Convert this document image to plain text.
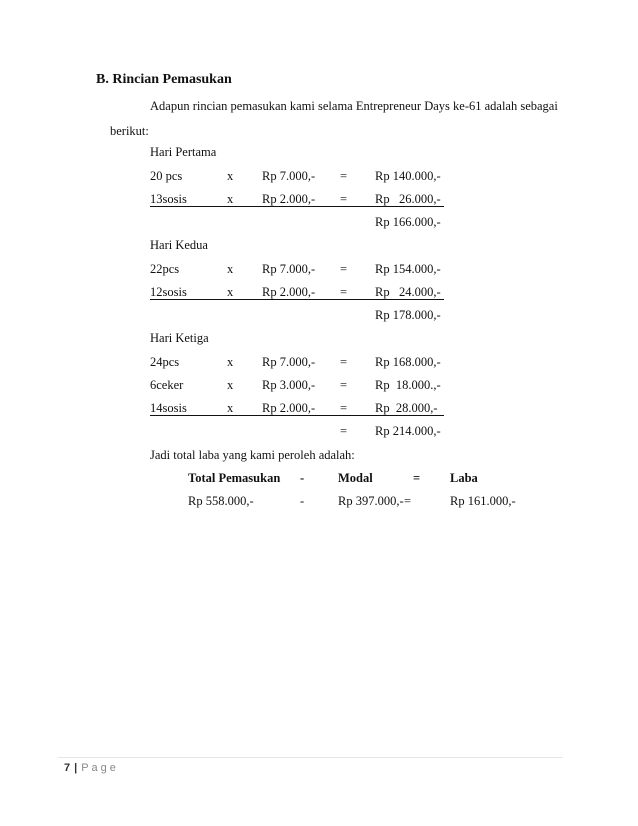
B. Rincian Pemasukan
Adapun rincian pemasukan kami selama Entrepreneur Days ke-61 adalah sebagai
berikut:
Hari Pertama
20 pcs	x Rp 7.000,- = Rp 140.000,-
13sosis	x Rp 2.000,- = Rp   26.000,-
Rp 166.000,-
Hari Kedua
22pcs	x Rp 7.000,- = Rp 154.000,-
12sosis	x Rp 2.000,- = Rp   24.000,-
Rp 178.000,-
Hari Ketiga
24pcs	x Rp 7.000,- = Rp 168.000,-
6ceker	x Rp 3.000,- = Rp  18.000.,-
14sosis	x Rp 2.000,- = Rp  28.000,-
= Rp 214.000,-
Jadi total laba yang kami peroleh adalah:
Total Pemasukan -	Modal	= Laba
Rp 558.000,-	-	Rp 397.000,- =	Rp 161.000,-
7 | Page
